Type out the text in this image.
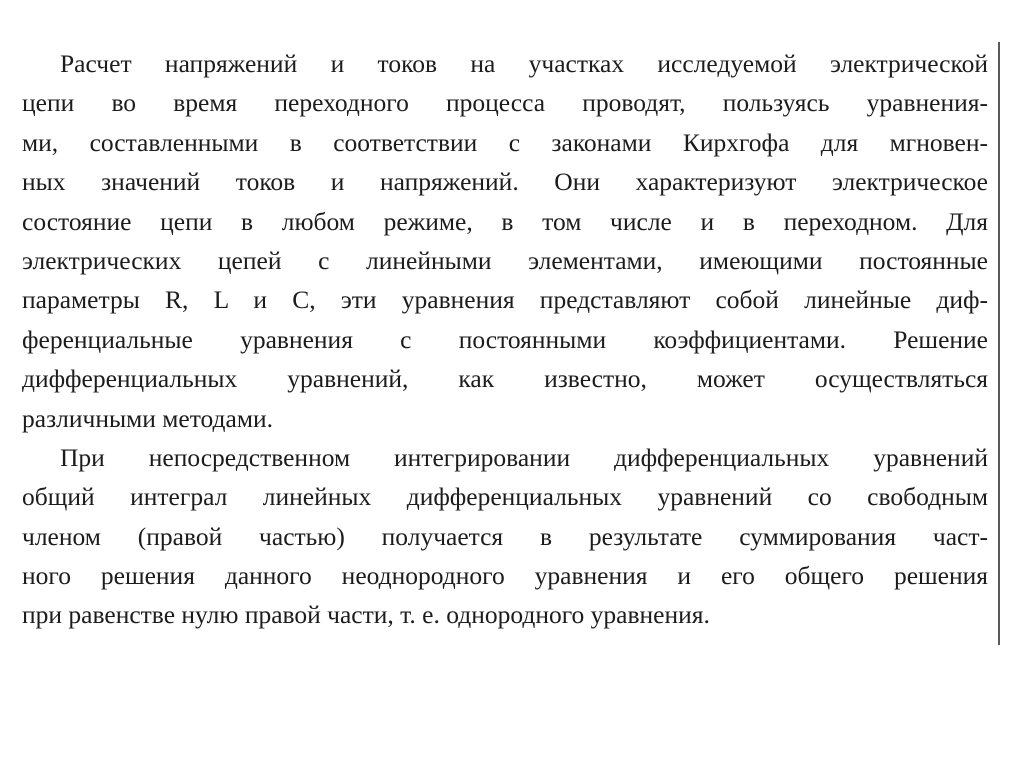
Расчет напряжений и токов на участках исследуемой электрической
цепи во время переходного процесса проводят, пользуясь уравнения-
ми, составленными в соответствии с законами Кирхгофа для мгновен-
ных значений токов и напряжений. Они характеризуют электрическое
состояние цепи в любом режиме, в том числе и в переходном. Для
электрических цепей с линейными элементами, имеющими постоянные
параметры R, L и C, эти уравнения представляют собой линейные диф-
ференциальные уравнения с постоянными коэффициентами. Решение
дифференциальных уравнений, как известно, может осуществляться
различными методами.
При непосредственном интегрировании дифференциальных уравнений
общий интеграл линейных дифференциальных уравнений со свободным
членом (правой частью) получается в результате суммирования част-
ного решения данного неоднородного уравнения и его общего решения
при равенстве нулю правой части, т. е. однородного уравнения.
